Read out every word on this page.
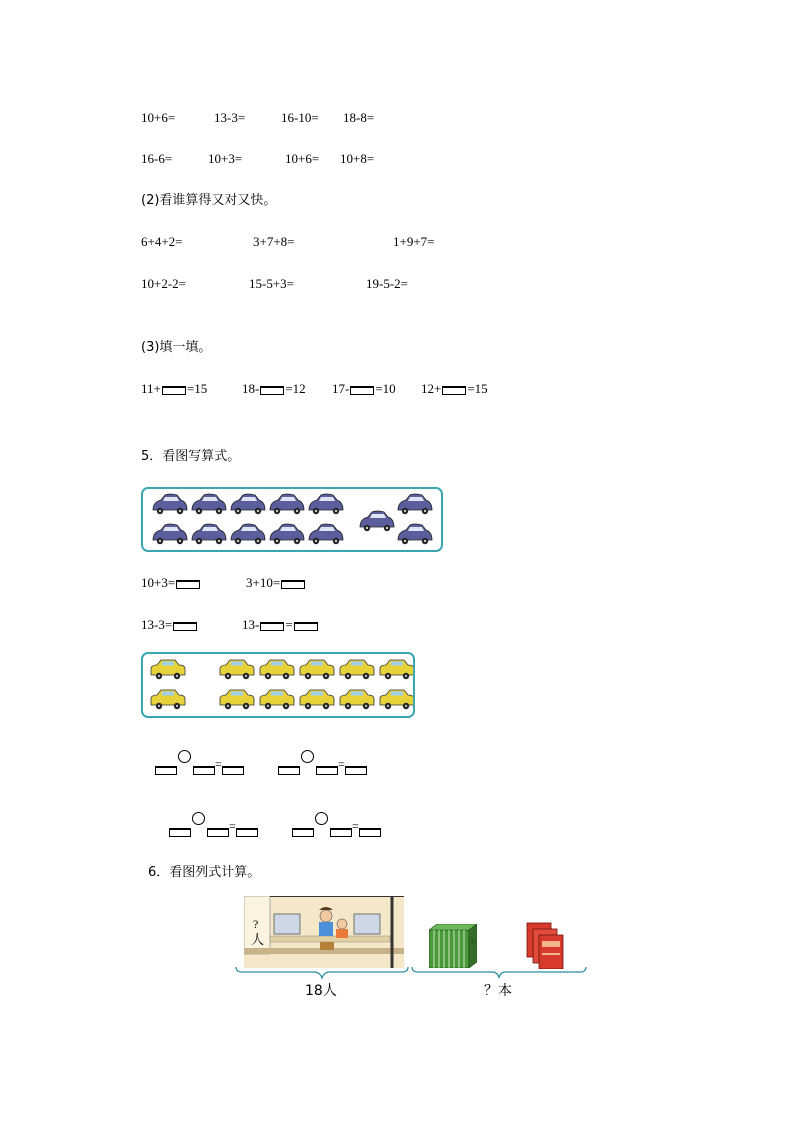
10+6=	13-3=	16-10= 18-8=
16-6=	10+3=	10+6= 10+8=
(2)看谁算得又对又快。
6+4+2=	3+7+8=	1+9+7=
10+2-2=	15-5+3=	19-5-2=
(3)填一填。
11+ =15	18- =12 17- =10 12+ =15
5．看图写算式。
10+3=	3+10=
13-3=	13- =
=	=
=	=
6．看图列式计算。
?
人	书
18人	？本
